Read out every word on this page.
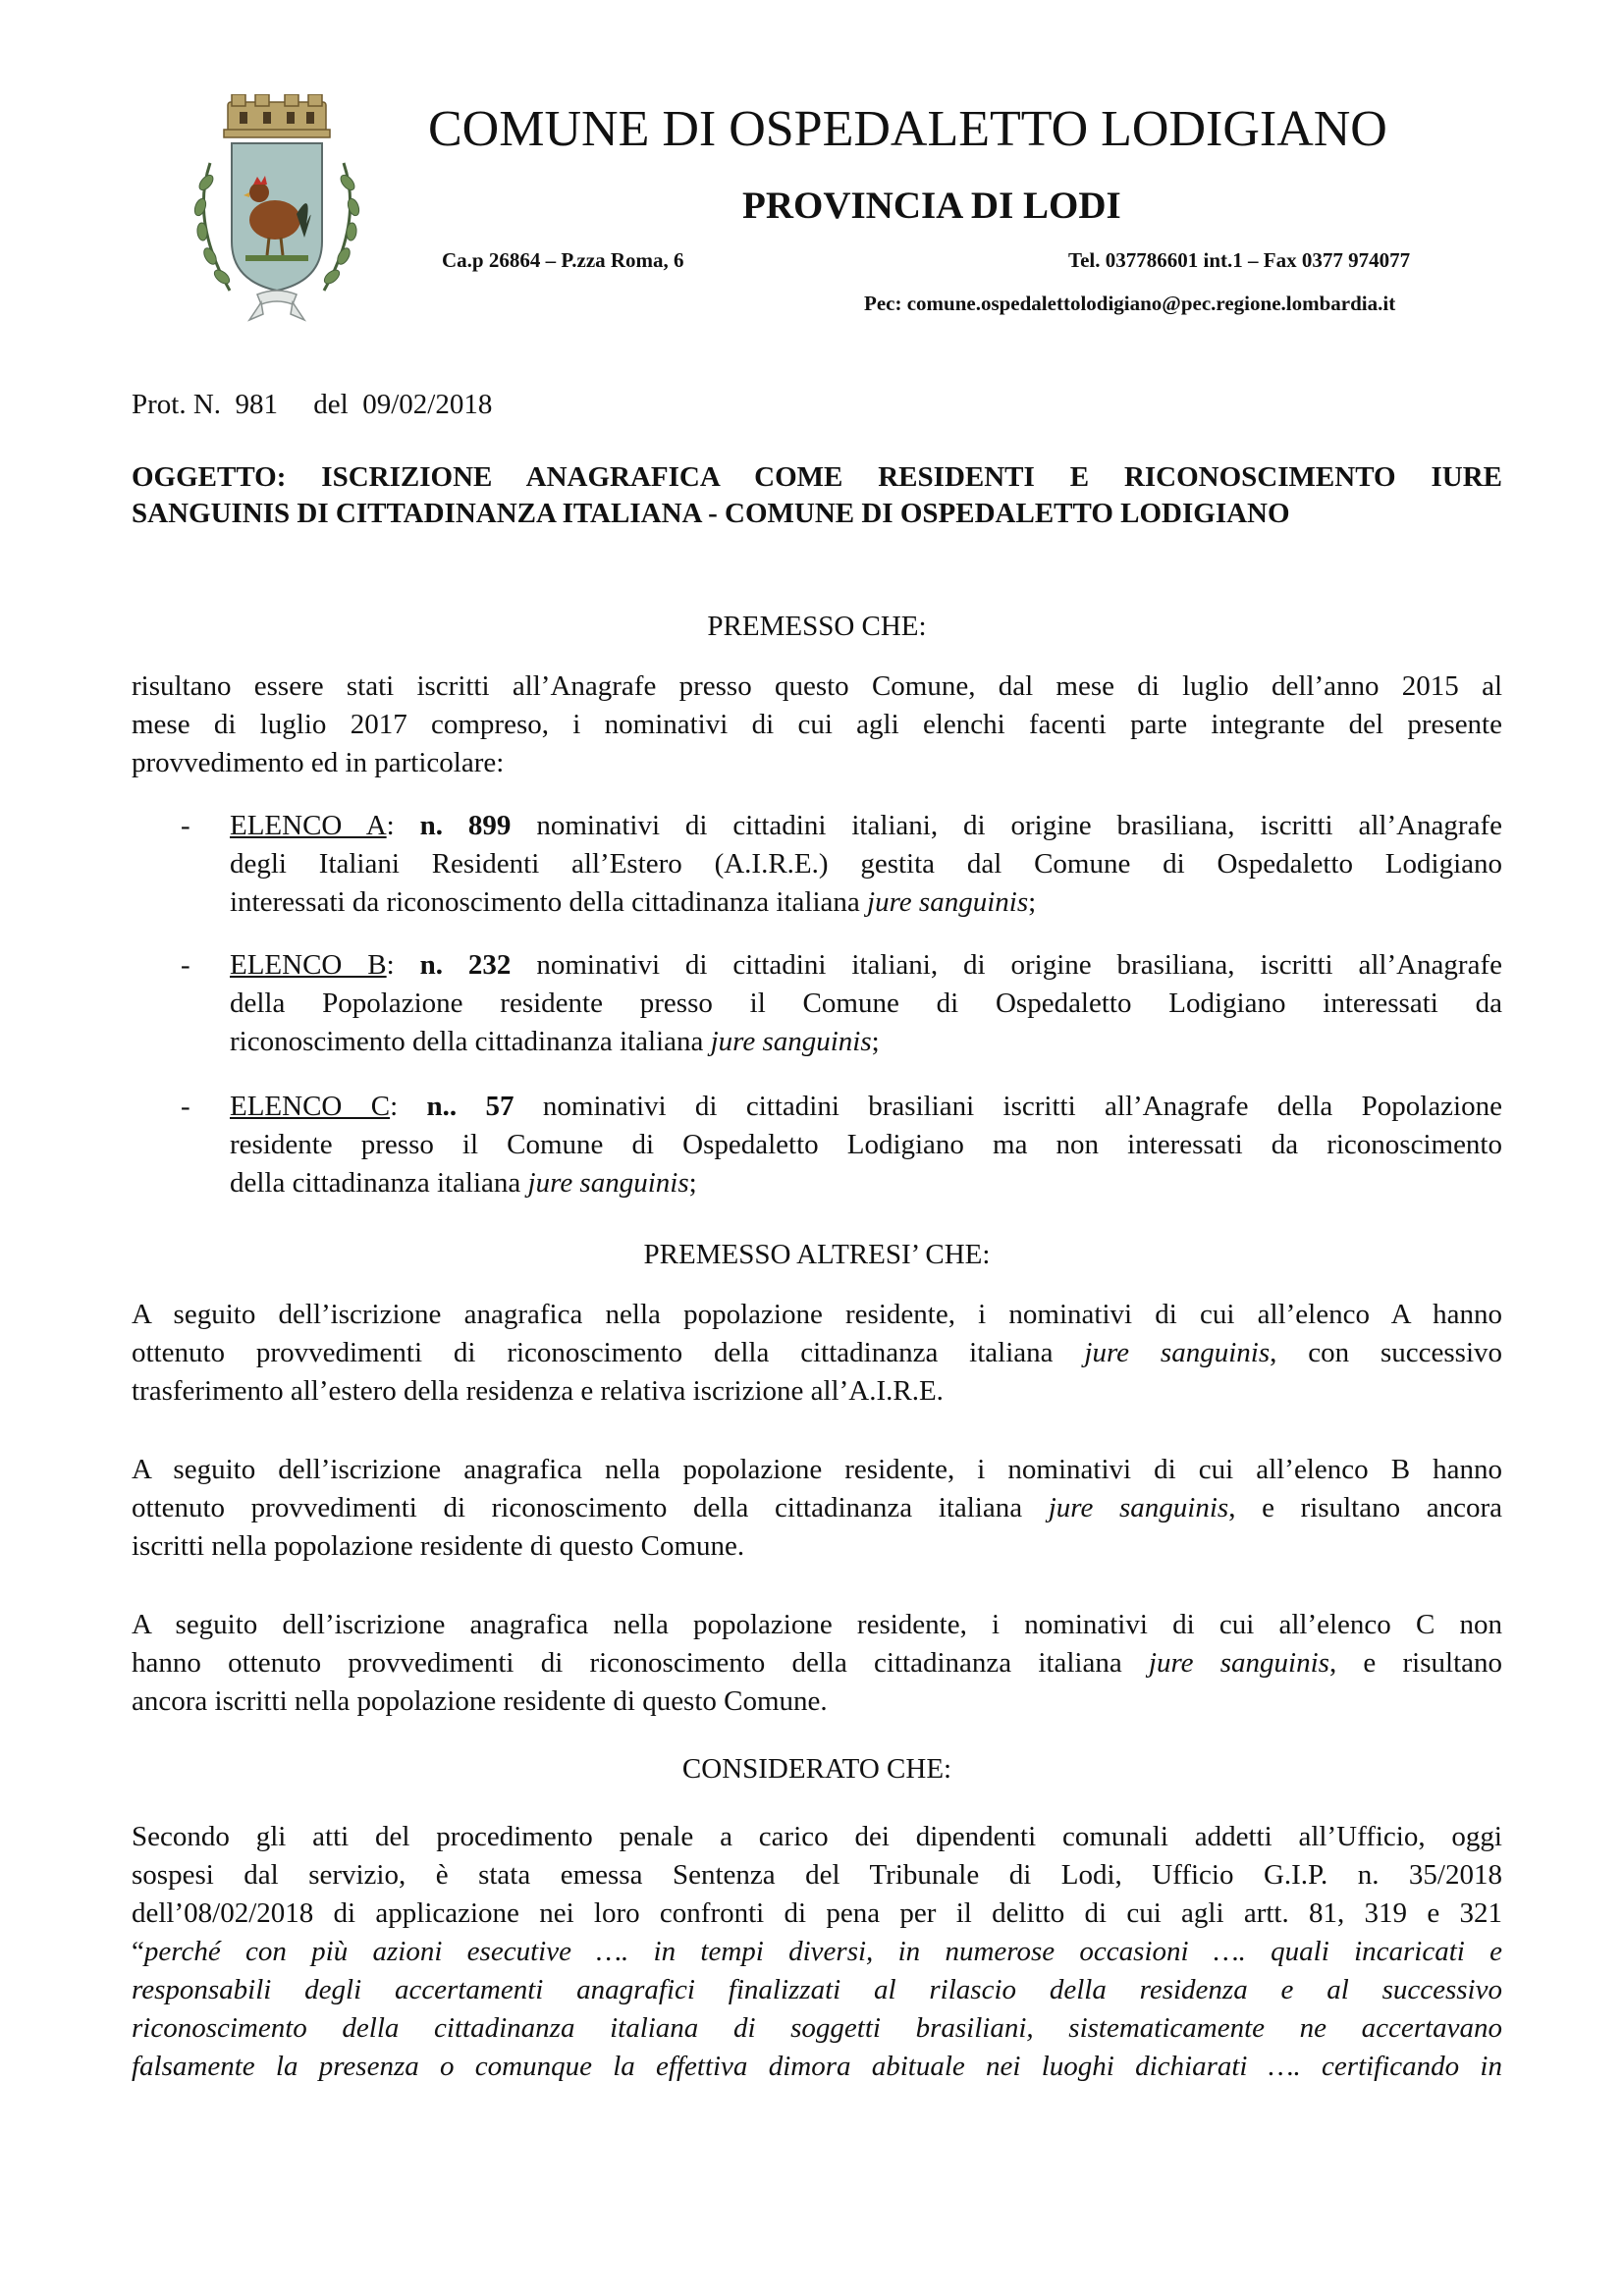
COMUNE DI OSPEDALETTO LODIGIANO
PROVINCIA DI LODI
Ca.p 26864 – P.zza Roma, 6	Tel. 037786601 int.1 – Fax 0377 974077
Pec: comune.ospedalettolodigiano@pec.regione.lombardia.it
Prot. N.  981     del  09/02/2018
OGGETTO: ISCRIZIONE ANAGRAFICA COME RESIDENTI E RICONOSCIMENTO IURE
SANGUINIS DI CITTADINANZA ITALIANA - COMUNE DI OSPEDALETTO LODIGIANO
PREMESSO CHE:
risultano essere stati iscritti all’Anagrafe presso questo Comune, dal mese di luglio dell’anno 2015 al
mese di luglio 2017 compreso, i nominativi di cui agli elenchi facenti parte integrante del presente
provvedimento ed in particolare:
- ELENCO A: n. 899 nominativi di cittadini italiani, di origine brasiliana, iscritti all’Anagrafe
degli Italiani Residenti all’Estero (A.I.R.E.) gestita dal Comune di Ospedaletto Lodigiano
interessati da riconoscimento della cittadinanza italiana jure sanguinis;
- ELENCO B: n. 232 nominativi di cittadini italiani, di origine brasiliana, iscritti all’Anagrafe
della Popolazione residente presso il Comune di Ospedaletto Lodigiano interessati da
riconoscimento della cittadinanza italiana jure sanguinis;
- ELENCO C: n.. 57 nominativi di cittadini brasiliani iscritti all’Anagrafe della Popolazione
residente presso il Comune di Ospedaletto Lodigiano ma non interessati da riconoscimento
della cittadinanza italiana jure sanguinis;
PREMESSO ALTRESI’ CHE:
A seguito dell’iscrizione anagrafica nella popolazione residente, i nominativi di cui all’elenco A hanno
ottenuto provvedimenti di riconoscimento della cittadinanza italiana jure sanguinis, con successivo
trasferimento all’estero della residenza e relativa iscrizione all’A.I.R.E.
A seguito dell’iscrizione anagrafica nella popolazione residente, i nominativi di cui all’elenco B hanno
ottenuto provvedimenti di riconoscimento della cittadinanza italiana jure sanguinis, e risultano ancora
iscritti nella popolazione residente di questo Comune.
A seguito dell’iscrizione anagrafica nella popolazione residente, i nominativi di cui all’elenco C non
hanno ottenuto provvedimenti di riconoscimento della cittadinanza italiana jure sanguinis, e risultano
ancora iscritti nella popolazione residente di questo Comune.
CONSIDERATO CHE:
Secondo gli atti del procedimento penale a carico dei dipendenti comunali addetti all’Ufficio, oggi
sospesi dal servizio, è stata emessa Sentenza del Tribunale di Lodi, Ufficio G.I.P. n. 35/2018
dell’08/02/2018 di applicazione nei loro confronti di pena per il delitto di cui agli artt. 81, 319 e 321
“perché con più azioni esecutive …. in tempi diversi, in numerose occasioni …. quali incaricati e
responsabili degli accertamenti anagrafici finalizzati al rilascio della residenza e al successivo
riconoscimento della cittadinanza italiana di soggetti brasiliani, sistematicamente ne accertavano
falsamente la presenza o comunque la effettiva dimora abituale nei luoghi dichiarati …. certificando in
